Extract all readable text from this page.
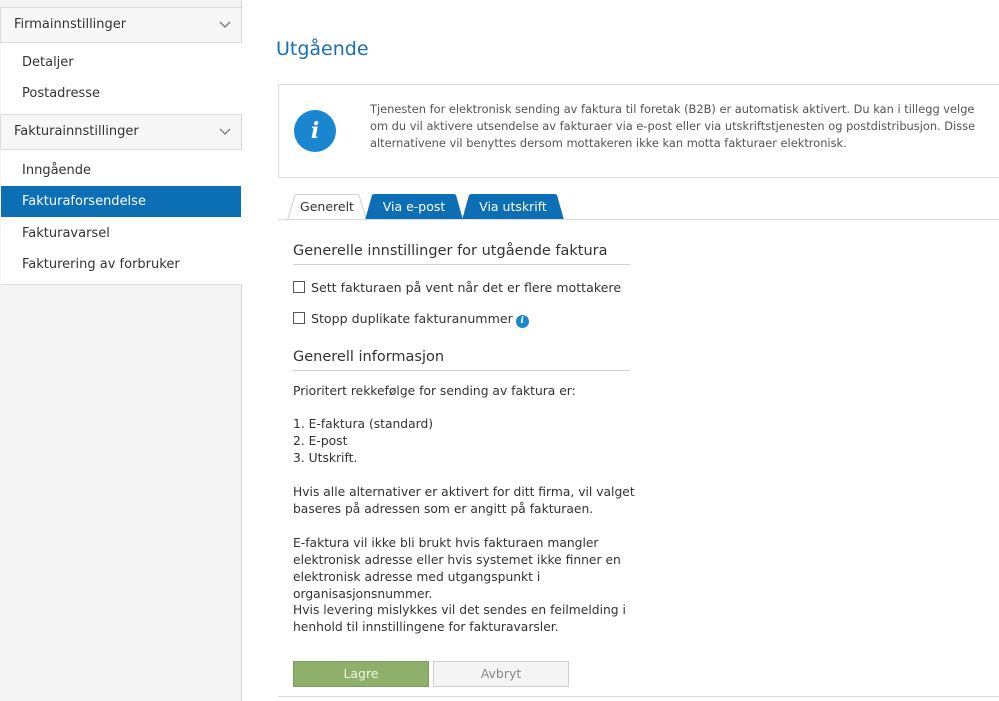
Firmainnstillinger
Detaljer
Postadresse
Fakturainnstillinger
Inngående
Fakturaforsendelse
Fakturavarsel
Fakturering av forbruker
Utgående
i
Tjenesten for elektronisk sending av faktura til foretak (B2B) er automatisk aktivert. Du kan i tillegg velge om du vil aktivere utsendelse av fakturaer via e-post eller via utskriftstjenesten og postdistribusjon. Disse alternativene vil benyttes dersom mottakeren ikke kan motta fakturaer elektronisk.
Generelt	Via e-post	Via utskrift
Generelle innstillinger for utgående faktura
Sett fakturaen på vent når det er flere mottakere
Stopp duplikate fakturanummer i
Generell informasjon
Prioritert rekkefølge for sending av faktura er:
1. E-faktura (standard)
2. E-post
3. Utskrift.
Hvis alle alternativer er aktivert for ditt firma, vil valget baseres på adressen som er angitt på fakturaen.
E-faktura vil ikke bli brukt hvis fakturaen mangler elektronisk adresse eller hvis systemet ikke finner en elektronisk adresse med utgangspunkt i organisasjonsnummer.
Hvis levering mislykkes vil det sendes en feilmelding i henhold til innstillingene for fakturavarsler.
Lagre	Avbryt
